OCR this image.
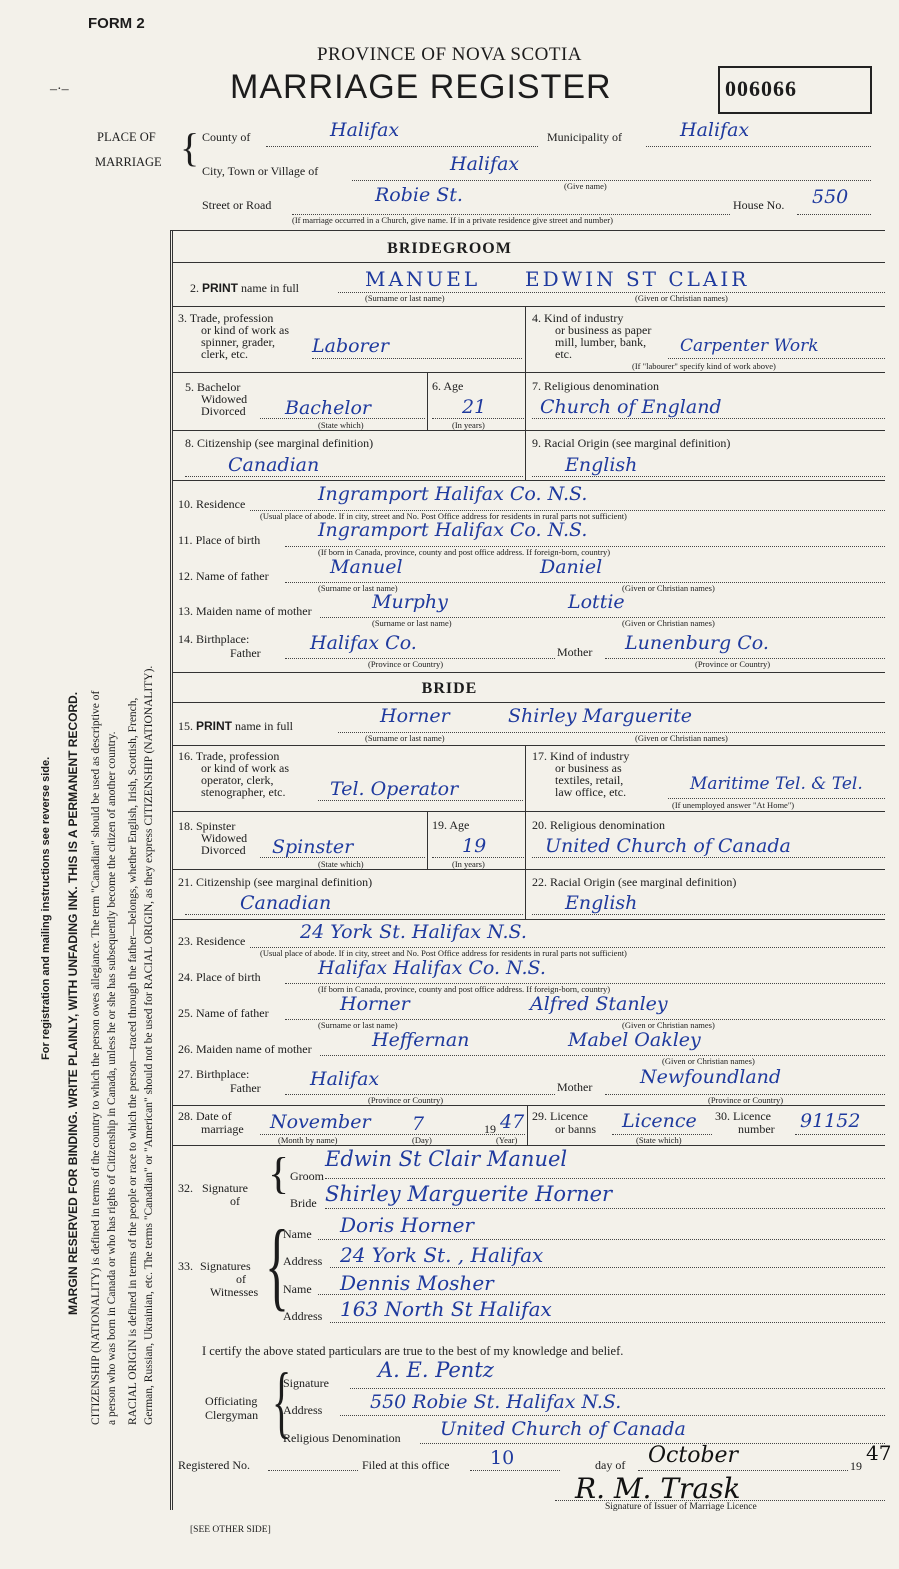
FORM 2
PROVINCE OF NOVA SCOTIA
MARRIAGE REGISTER	006066
–·–
For registration and mailing instructions see reverse side. MARGIN RESERVED FOR BINDING. WRITE PLAINLY, WITH UNFADING INK. THIS IS A PERMANENT RECORD. CITIZENSHIP (NATIONALITY) is defined in terms of the country to which the person owes allegiance. The term "Canadian" should be used as descriptive of a person who was born in Canada or who has rights of Citizenship in Canada, unless he or she has subsequently become the citizen of another country. RACIAL ORIGIN is defined in terms of the people or race to which the person—traced through the father—belongs, whether English, Irish, Scottish, French, German, Russian, Ukrainian, etc. The terms "Canadian" or "American" should not be used for RACIAL ORIGIN, as they express CITIZENSHIP (NATIONALITY).
PLACE OF
MARRIAGE { County of	Halifax	Municipality of	Halifax
City, Town or Village of	Halifax
(Give name)
Street or Road	Robie St.	House No. 550
(If marriage occurred in a Church, give name. If in a private residence give street and number)
BRIDEGROOM
2. PRINT name in full	MANUEL EDWIN ST CLAIR
(Surname or last name)	(Given or Christian names)
3. Trade, profession
or kind of work as
spinner, grader,
clerk, etc.	Laborer
4. Kind of industry
or business as paper
mill, lumber, bank,
etc.	Carpenter Work
(If "labourer" specify kind of work above)
5. Bachelor
Widowed
Divorced Bachelor
(State which)
6. Age
21
(In years)
7. Religious denomination
Church of England
8. Citizenship (see marginal definition)
Canadian
9. Racial Origin (see marginal definition)
English
10. Residence	Ingramport Halifax Co. N.S.
(Usual place of abode. If in city, street and No. Post Office address for residents in rural parts not sufficient)
11. Place of birth	Ingramport Halifax Co. N.S.
(If born in Canada, province, county and post office address. If foreign-born, country)
12. Name of father	Manuel	Daniel
(Surname or last name)	(Given or Christian names)
13. Maiden name of mother	Murphy	Lottie
(Surname or last name)	(Given or Christian names)
14. Birthplace:
Father	Halifax Co.
(Province or Country)
Mother Lunenburg Co.
(Province or Country)
BRIDE
15. PRINT name in full	Horner	Shirley Marguerite
(Surname or last name)	(Given or Christian names)
16. Trade, profession
or kind of work as
operator, clerk,
stenographer, etc. Tel. Operator
17. Kind of industry
or business as
textiles, retail,
law office, etc.	Maritime Tel. & Tel.
(If unemployed answer "At Home")
18. Spinster
Widowed
Divorced Spinster
(State which)
19. Age
19
(In years)
20. Religious denomination
United Church of Canada
21. Citizenship (see marginal definition)
Canadian
22. Racial Origin (see marginal definition)
English
23. Residence	24 York St. Halifax N.S.
(Usual place of abode. If in city, street and No. Post Office address for residents in rural parts not sufficient)
24. Place of birth	Halifax Halifax Co. N.S.
(If born in Canada, province, county and post office address. If foreign-born, country)
25. Name of father	Horner	Alfred Stanley
(Surname or last name)	(Given or Christian names)
26. Maiden name of mother	Heffernan	Mabel Oakley
(Given or Christian names)
27. Birthplace:
Father	Halifax
(Province or Country)
Mother	Newfoundland
(Province or Country)
28. Date of
marriage November 7	19 47
(Month by name)	(Day)	(Year)
29. Licence
or banns Licence
(State which)
30. Licence
number 91152
32. Signature
of
{ Groom
Edwin St Clair Manuel
Bride Shirley Marguerite Horner
33. Signatures
of
Witnesses {
Name Doris Horner
Address 24 York St. , Halifax
Name Dennis Mosher
Address 163 North St Halifax
I certify the above stated particulars are true to the best of my knowledge and belief.
Officiating
Clergyman {
Signature
A. E. Pentz
Address	550 Robie St. Halifax N.S.
Religious Denomination United Church of Canada
Registered No.	Filed at this office 10	day of October	19
47
R. M. Trask
Signature of Issuer of Marriage Licence
[SEE OTHER SIDE]
